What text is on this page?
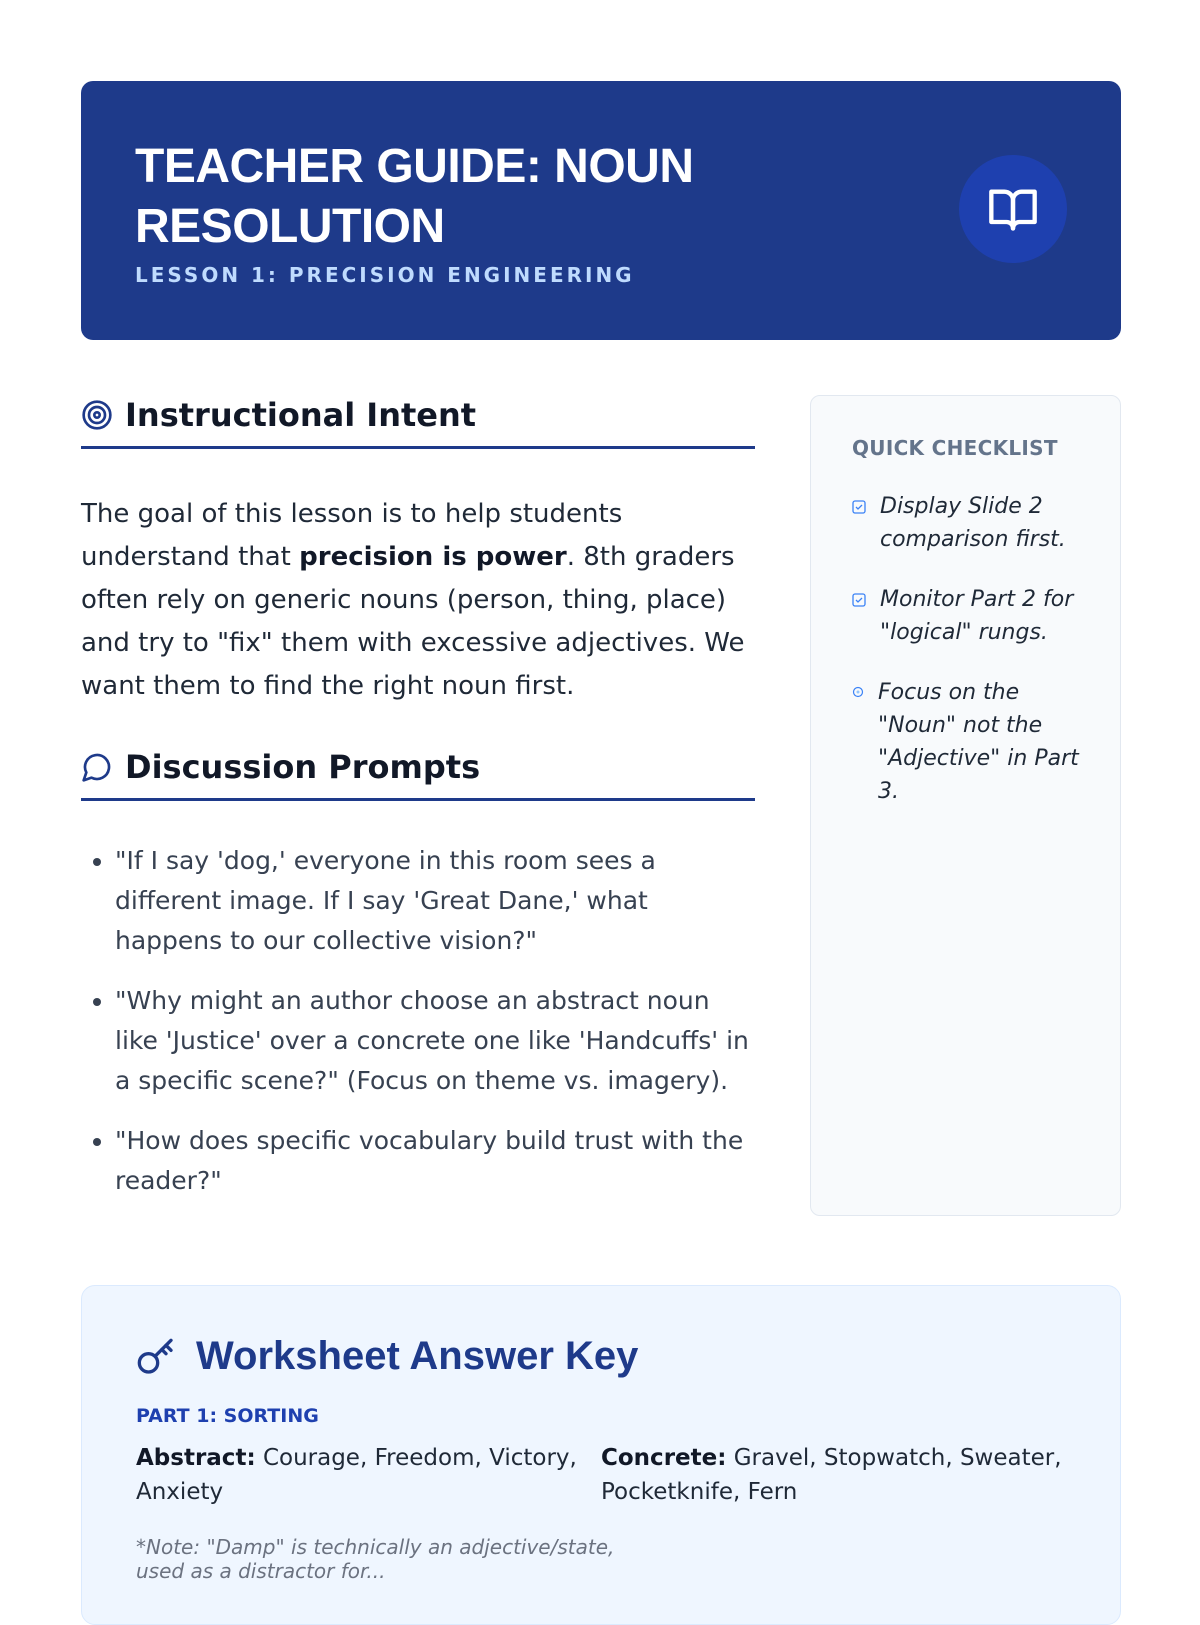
TEACHER GUIDE: NOUN RESOLUTION
LESSON 1: PRECISION ENGINEERING
Instructional Intent

The goal of this lesson is to help students understand that precision is power. 8th graders often rely on generic nouns (person, thing, place) and try to "fix" them with excessive adjectives. We want them to find the right noun first.

Discussion Prompts
• "If I say 'dog,' everyone in this room sees a different image. If I say 'Great Dane,' what happens to our collective vision?"
• "Why might an author choose an abstract noun like 'Justice' over a concrete one like 'Handcuffs' in a specific scene?" (Focus on theme vs. imagery).
• "How does specific vocabulary build trust with the reader?"
QUICK CHECKLIST
Display Slide 2 comparison first.
Monitor Part 2 for "logical" rungs.
Focus on the "Noun" not the "Adjective" in Part 3.
Worksheet Answer Key
PART 1: SORTING
Abstract: Courage, Freedom, Victory, Anxiety
Concrete: Gravel, Stopwatch, Sweater, Pocketknife, Fern
*Note: "Damp" is technically an adjective/state, used as a distractor for...
